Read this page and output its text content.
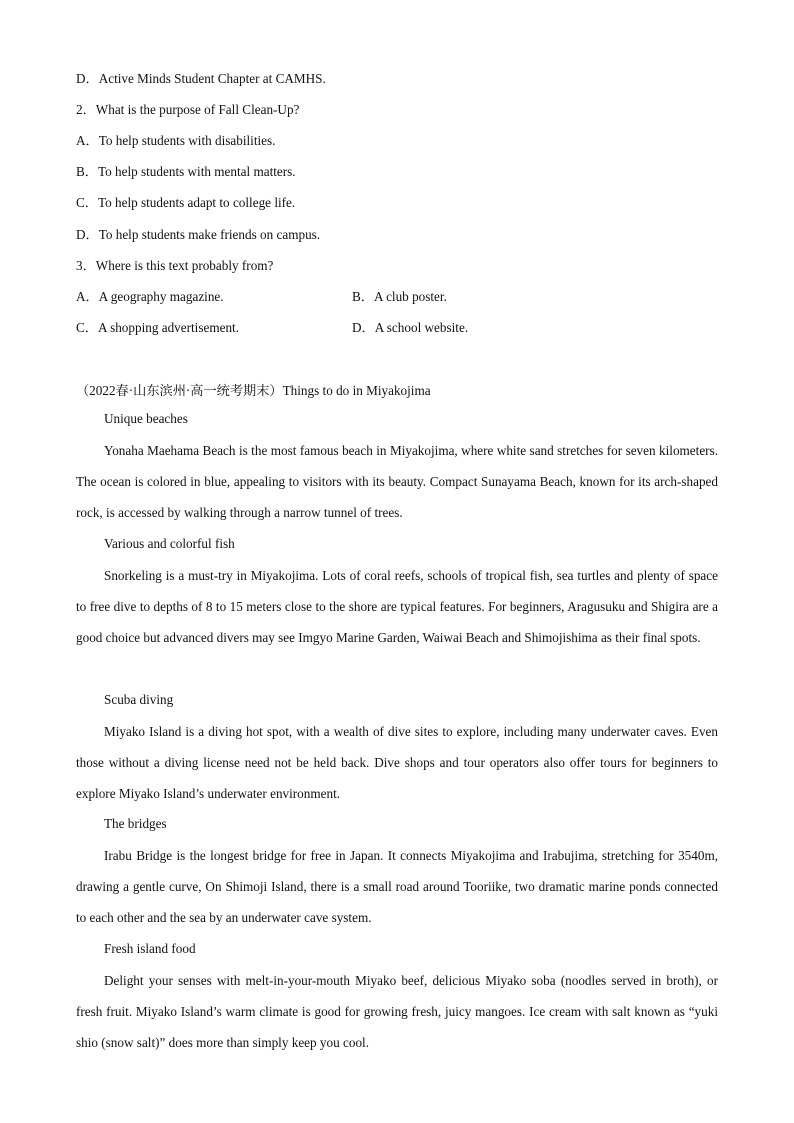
D．Active Minds Student Chapter at CAMHS.
2．What is the purpose of Fall Clean-Up?
A．To help students with disabilities.
B．To help students with mental matters.
C．To help students adapt to college life.
D．To help students make friends on campus.
3．Where is this text probably from?
A．A geography magazine.	B．A club poster.
C．A shopping advertisement.	D．A school website.
（2022春·山东滨州·高一统考期末）Things to do in Miyakojima
Unique beaches

Yonaha Maehama Beach is the most famous beach in Miyakojima, where white sand stretches for seven kilometers. The ocean is colored in blue, appealing to visitors with its beauty. Compact Sunayama Beach, known for its arch-shaped rock, is accessed by walking through a narrow tunnel of trees.

Various and colorful fish

Snorkeling is a must-try in Miyakojima. Lots of coral reefs, schools of tropical fish, sea turtles and plenty of space to free dive to depths of 8 to 15 meters close to the shore are typical features. For beginners, Aragusuku and Shigira are a good choice but advanced divers may see Imgyo Marine Garden, Waiwai Beach and Shimojishima as their final spots.

Scuba diving

Miyako Island is a diving hot spot, with a wealth of dive sites to explore, including many underwater caves. Even those without a diving license need not be held back. Dive shops and tour operators also offer tours for beginners to explore Miyako Island’s underwater environment.

The bridges

Irabu Bridge is the longest bridge for free in Japan. It connects Miyakojima and Irabujima, stretching for 3540m, drawing a gentle curve, On Shimoji Island, there is a small road around Tooriike, two dramatic marine ponds connected to each other and the sea by an underwater cave system.

Fresh island food

Delight your senses with melt-in-your-mouth Miyako beef, delicious Miyako soba (noodles served in broth), or fresh fruit. Miyako Island’s warm climate is good for growing fresh, juicy mangoes. Ice cream with salt known as “yuki shio (snow salt)” does more than simply keep you cool.
